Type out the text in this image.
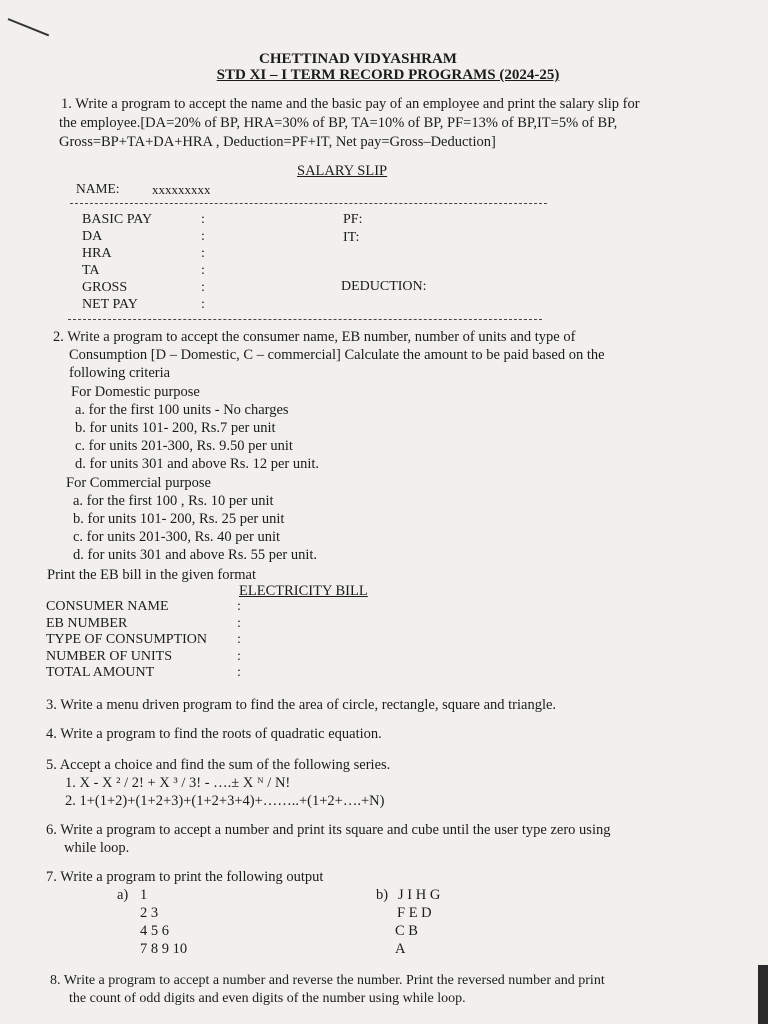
CHETTINAD VIDYASHRAM
STD XI – I TERM RECORD PROGRAMS (2024-25)
1. Write a program to accept the name and the basic pay of an employee and print the salary slip for
the employee.[DA=20% of BP, HRA=30% of BP, TA=10% of BP, PF=13% of BP,IT=5% of BP,
Gross=BP+TA+DA+HRA , Deduction=PF+IT, Net pay=Gross–Deduction]
SALARY SLIP
NAME:	xxxxxxxxx
BASIC PAY
DA
HRA
TA
GROSS
NET PAY
:
:
:
:
:
:
PF:
IT:
DEDUCTION:
2. Write a program to accept the consumer name, EB number, number of units and type of
Consumption [D – Domestic, C – commercial] Calculate the amount to be paid based on the
following criteria
For Domestic purpose
a. for the first 100 units - No charges
b. for units 101- 200, Rs.7 per unit
c. for units 201-300, Rs. 9.50 per unit
d. for units 301 and above Rs. 12 per unit.
For Commercial purpose
a. for the first 100 , Rs. 10 per unit
b. for units 101- 200, Rs. 25 per unit
c. for units 201-300, Rs. 40 per unit
d. for units 301 and above Rs. 55 per unit.
Print the EB bill in the given format
ELECTRICITY BILL
CONSUMER NAME
EB NUMBER
TYPE OF CONSUMPTION
NUMBER OF UNITS
TOTAL AMOUNT
:
:
:
:
:
3. Write a menu driven program to find the area of circle, rectangle, square and triangle.
4. Write a program to find the roots of quadratic equation.
5. Accept a choice and find the sum of the following series.
1. X - X ² / 2! + X ³ / 3! - ….± X ᴺ / N!
2. 1+(1+2)+(1+2+3)+(1+2+3+4)+……..+(1+2+….+N)
6. Write a program to accept a number and print its square and cube until the user type zero using
while loop.
7. Write a program to print the following output
a) 1
2 3
4 5 6
7 8 9 10
b) J I H G
F E D
C B
A
8. Write a program to accept a number and reverse the number. Print the reversed number and print
the count of odd digits and even digits of the number using while loop.
